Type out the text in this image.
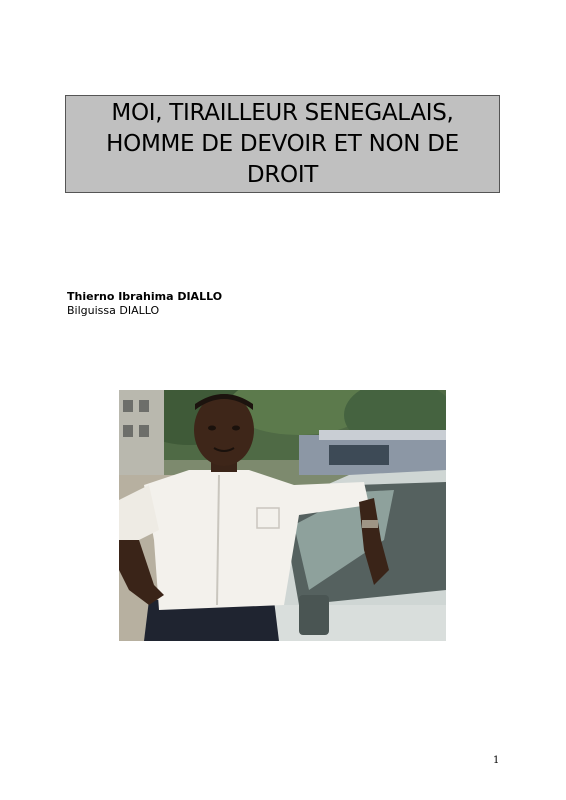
MOI, TIRAILLEUR SENEGALAIS, HOMME DE DEVOIR ET NON DE DROIT
Thierno Ibrahima DIALLO
Bilguissa DIALLO
1
